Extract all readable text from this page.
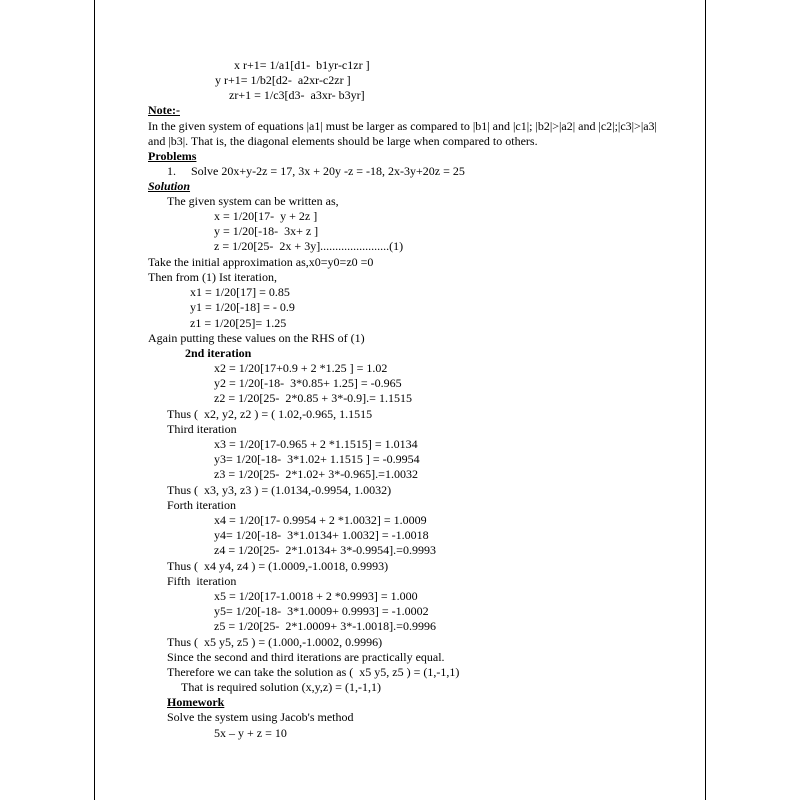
x r+1= 1/a1[d1-  b1yr-c1zr ]
y r+1= 1/b2[d2-  a2xr-c2zr ]
zr+1 = 1/c3[d3-  a3xr- b3yr]
Note:-
In the given system of equations |a1| must be larger as compared to |b1| and |c1|; |b2|>|a2| and |c2|;|c3|>|a3|
and |b3|. That is, the diagonal elements should be large when compared to others.
Problems
1.     Solve 20x+y-2z = 17, 3x + 20y -z = -18, 2x-3y+20z = 25
Solution
The given system can be written as,
x = 1/20[17-  y + 2z ]
y = 1/20[-18-  3x+ z ]
z = 1/20[25-  2x + 3y].......................(1)
Take the initial approximation as,x0=y0=z0 =0
Then from (1) Ist iteration,
x1 = 1/20[17] = 0.85
y1 = 1/20[-18] = - 0.9
z1 = 1/20[25]= 1.25
Again putting these values on the RHS of (1)
2nd iteration
x2 = 1/20[17+0.9 + 2 *1.25 ] = 1.02
y2 = 1/20[-18-  3*0.85+ 1.25] = -0.965
z2 = 1/20[25-  2*0.85 + 3*-0.9].= 1.1515
Thus (  x2, y2, z2 ) = ( 1.02,-0.965, 1.1515
Third iteration
x3 = 1/20[17-0.965 + 2 *1.1515] = 1.0134
y3= 1/20[-18-  3*1.02+ 1.1515 ] = -0.9954
z3 = 1/20[25-  2*1.02+ 3*-0.965].=1.0032
Thus (  x3, y3, z3 ) = (1.0134,-0.9954, 1.0032)
Forth iteration
x4 = 1/20[17- 0.9954 + 2 *1.0032] = 1.0009
y4= 1/20[-18-  3*1.0134+ 1.0032] = -1.0018
z4 = 1/20[25-  2*1.0134+ 3*-0.9954].=0.9993
Thus (  x4 y4, z4 ) = (1.0009,-1.0018, 0.9993)
Fifth  iteration
x5 = 1/20[17-1.0018 + 2 *0.9993] = 1.000
y5= 1/20[-18-  3*1.0009+ 0.9993] = -1.0002
z5 = 1/20[25-  2*1.0009+ 3*-1.0018].=0.9996
Thus (  x5 y5, z5 ) = (1.000,-1.0002, 0.9996)
Since the second and third iterations are practically equal.
Therefore we can take the solution as (  x5 y5, z5 ) = (1,-1,1)
That is required solution (x,y,z) = (1,-1,1)
Homework
Solve the system using Jacob's method
5x – y + z = 10
